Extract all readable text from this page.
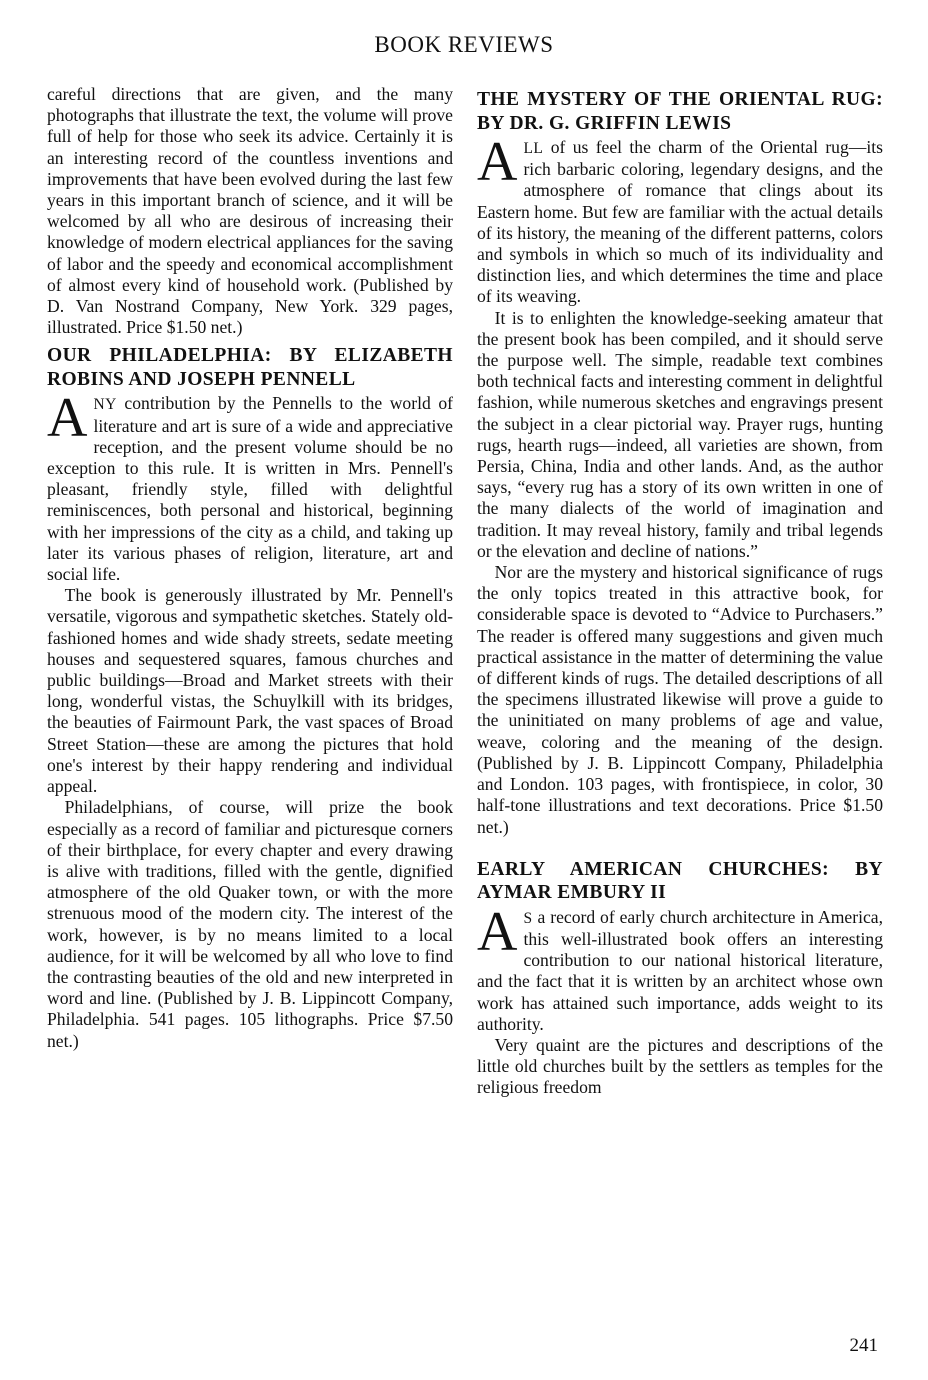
BOOK REVIEWS

careful directions that are given, and the many photographs that illustrate the text, the volume will prove full of help for those who seek its advice. Certainly it is an interesting record of the countless inventions and improvements that have been evolved during the last few years in this important branch of science, and it will be welcomed by all who are desirous of increasing their knowledge of modern electrical appliances for the saving of labor and the speedy and economical accomplishment of almost every kind of household work. (Published by D. Van Nostrand Company, New York. 329 pages, illustrated. Price $1.50 net.)

OUR PHILADELPHIA: BY ELIZABETH ROBINS AND JOSEPH PENNELL

ANY contribution by the Pennells to the world of literature and art is sure of a wide and appreciative reception, and the present volume should be no exception to this rule. It is written in Mrs. Pennell's pleasant, friendly style, filled with delightful reminiscences, both personal and historical, beginning with her impressions of the city as a child, and taking up later its various phases of religion, literature, art and social life.

The book is generously illustrated by Mr. Pennell's versatile, vigorous and sympathetic sketches. Stately old-fashioned homes and wide shady streets, sedate meeting houses and sequestered squares, famous churches and public buildings—Broad and Market streets with their long, wonderful vistas, the Schuylkill with its bridges, the beauties of Fairmount Park, the vast spaces of Broad Street Station—these are among the pictures that hold one's interest by their happy rendering and individual appeal.

Philadelphians, of course, will prize the book especially as a record of familiar and picturesque corners of their birthplace, for every chapter and every drawing is alive with traditions, filled with the gentle, dignified atmosphere of the old Quaker town, or with the more strenuous mood of the modern city. The interest of the work, however, is by no means limited to a local audience, for it will be welcomed by all who love to find the contrasting beauties of the old and new interpreted in word and line. (Published by J. B. Lippincott Company, Philadelphia. 541 pages. 105 lithographs. Price $7.50 net.)

THE MYSTERY OF THE ORIENTAL RUG: BY DR. G. GRIFFIN LEWIS

ALL of us feel the charm of the Oriental rug—its rich barbaric coloring, legendary designs, and the atmosphere of romance that clings about its Eastern home. But few are familiar with the actual details of its history, the meaning of the different patterns, colors and symbols in which so much of its individuality and distinction lies, and which determines the time and place of its weaving.

It is to enlighten the knowledge-seeking amateur that the present book has been compiled, and it should serve the purpose well. The simple, readable text combines both technical facts and interesting comment in delightful fashion, while numerous sketches and engravings present the subject in a clear pictorial way. Prayer rugs, hunting rugs, hearth rugs—indeed, all varieties are shown, from Persia, China, India and other lands. And, as the author says, “every rug has a story of its own written in one of the many dialects of the world of imagination and tradition. It may reveal history, family and tribal legends or the elevation and decline of nations.”

Nor are the mystery and historical significance of rugs the only topics treated in this attractive book, for considerable space is devoted to “Advice to Purchasers.” The reader is offered many suggestions and given much practical assistance in the matter of determining the value of different kinds of rugs. The detailed descriptions of all the specimens illustrated likewise will prove a guide to the uninitiated on many problems of age and value, weave, coloring and the meaning of the design. (Published by J. B. Lippincott Company, Philadelphia and London. 103 pages, with frontispiece, in color, 30 half-tone illustrations and text decorations. Price $1.50 net.)

EARLY AMERICAN CHURCHES: BY AYMAR EMBURY II

A S a record of early church architecture in America, this well-illustrated book offers an interesting contribution to our national historical literature, and the fact that it is written by an architect whose own work has attained such importance, adds weight to its authority.

Very quaint are the pictures and descriptions of the little old churches built by the settlers as temples for the religious freedom

241
